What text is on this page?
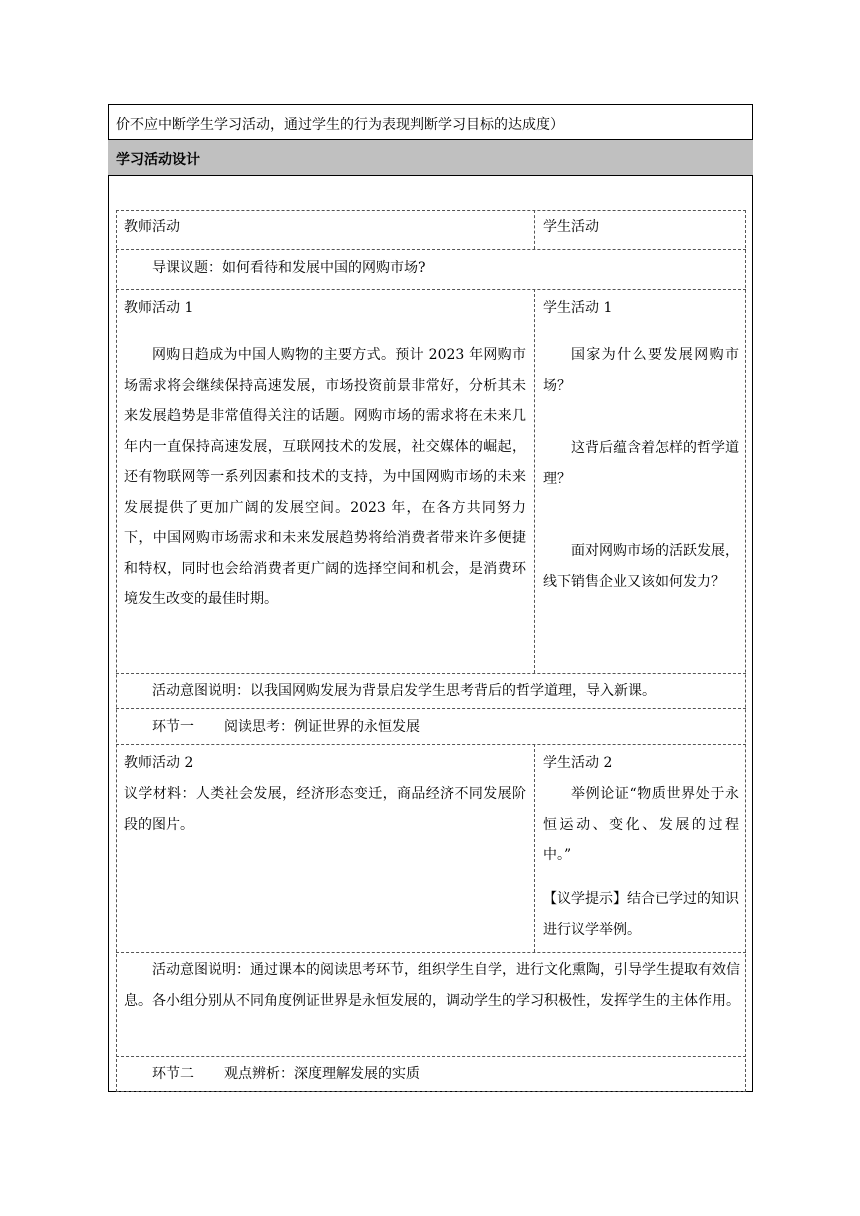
价不应中断学生学习活动，通过学生的行为表现判断学习目标的达成度）
学习活动设计
教师活动	学生活动
导课议题：如何看待和发展中国的网购市场?
教师活动 1
网购日趋成为中国人购物的主要方式。预计 2023 年网购市场需求将会继续保持高速发展，市场投资前景非常好，分析其未来发展趋势是非常值得关注的话题。网购市场的需求将在未来几年内一直保持高速发展，互联网技术的发展，社交媒体的崛起，还有物联网等一系列因素和技术的支持，为中国网购市场的未来发展提供了更加广阔的发展空间。2023 年，在各方共同努力下，中国网购市场需求和未来发展趋势将给消费者带来许多便捷和特权，同时也会给消费者更广阔的选择空间和机会，是消费环境发生改变的最佳时期。
学生活动 1
国家为什么要发展网购市场？
这背后蕴含着怎样的哲学道理？
面对网购市场的活跃发展，线下销售企业又该如何发力？
活动意图说明：以我国网购发展为背景启发学生思考背后的哲学道理，导入新课。
环节一 阅读思考：例证世界的永恒发展
教师活动 2
议学材料：人类社会发展，经济形态变迁，商品经济不同发展阶段的图片。
学生活动 2
举例论证“物质世界处于永恒运动、变化、发展的过程中。”
【议学提示】结合已学过的知识进行议学举例。
活动意图说明：通过课本的阅读思考环节，组织学生自学，进行文化熏陶，引导学生提取有效信息。各小组分别从不同角度例证世界是永恒发展的，调动学生的学习积极性，发挥学生的主体作用。
环节二 观点辨析：深度理解发展的实质
